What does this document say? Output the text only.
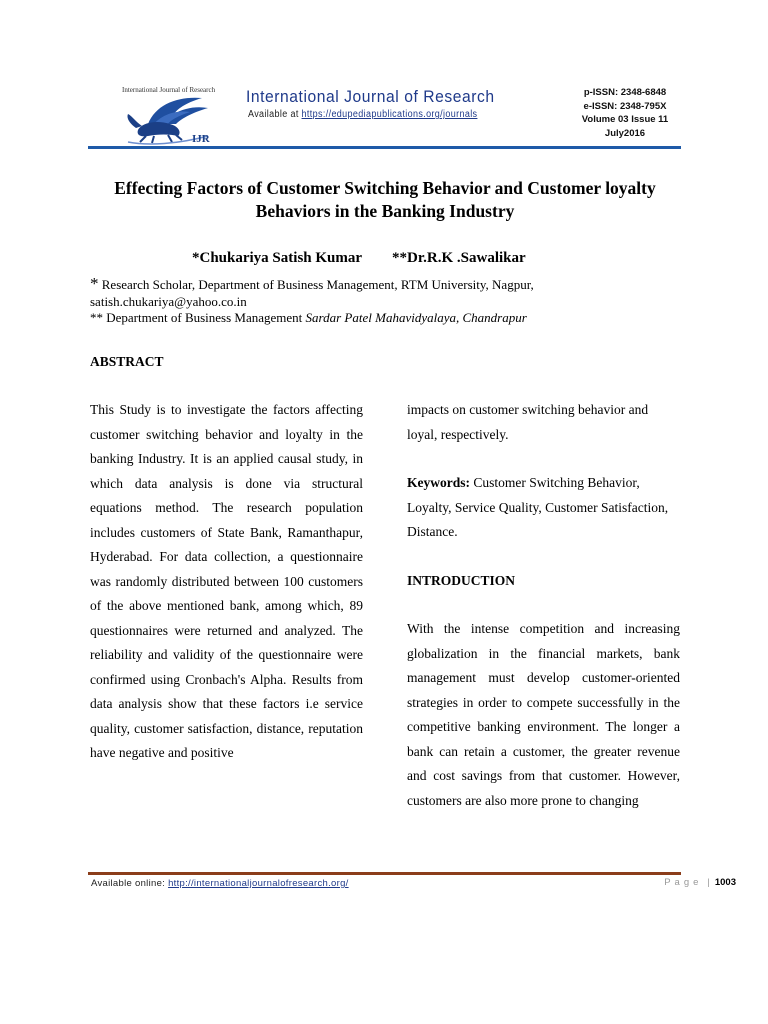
IJR
International Journal of Research International Journal of Research
Available at https://edupediapublications.org/journals
p-ISSN: 2348-6848
e-ISSN: 2348-795X
Volume 03 Issue 11
July2016
Effecting Factors of Customer Switching Behavior and Customer loyalty Behaviors in the Banking Industry
*Chukariya Satish Kumar **Dr.R.K .Sawalikar
* Research Scholar, Department of Business Management, RTM University, Nagpur, satish.chukariya@yahoo.co.in
** Department of Business Management Sardar Patel Mahavidyalaya, Chandrapur
ABSTRACT

This Study is to investigate the factors affecting customer switching behavior and loyalty in the banking Industry. It is an applied causal study, in which data analysis is done via structural equations method. The research population includes customers of State Bank, Ramanthapur, Hyderabad. For data collection, a questionnaire was randomly distributed between 100 customers of the above mentioned bank, among which, 89 questionnaires were returned and analyzed. The reliability and validity of the questionnaire were confirmed using Cronbach's Alpha. Results from data analysis show that these factors i.e service quality, customer satisfaction, distance, reputation have negative and positive

impacts on customer switching behavior and loyal, respectively.

Keywords: Customer Switching Behavior, Loyalty, Service Quality, Customer Satisfaction, Distance.

INTRODUCTION

With the intense competition and increasing globalization in the financial markets, bank management must develop customer-oriented strategies in order to compete successfully in the competitive banking environment. The longer a bank can retain a customer, the greater revenue and cost savings from that customer. However, customers are also more prone to changing

Available online: http://internationaljournalofresearch.org/	Page | 1003
